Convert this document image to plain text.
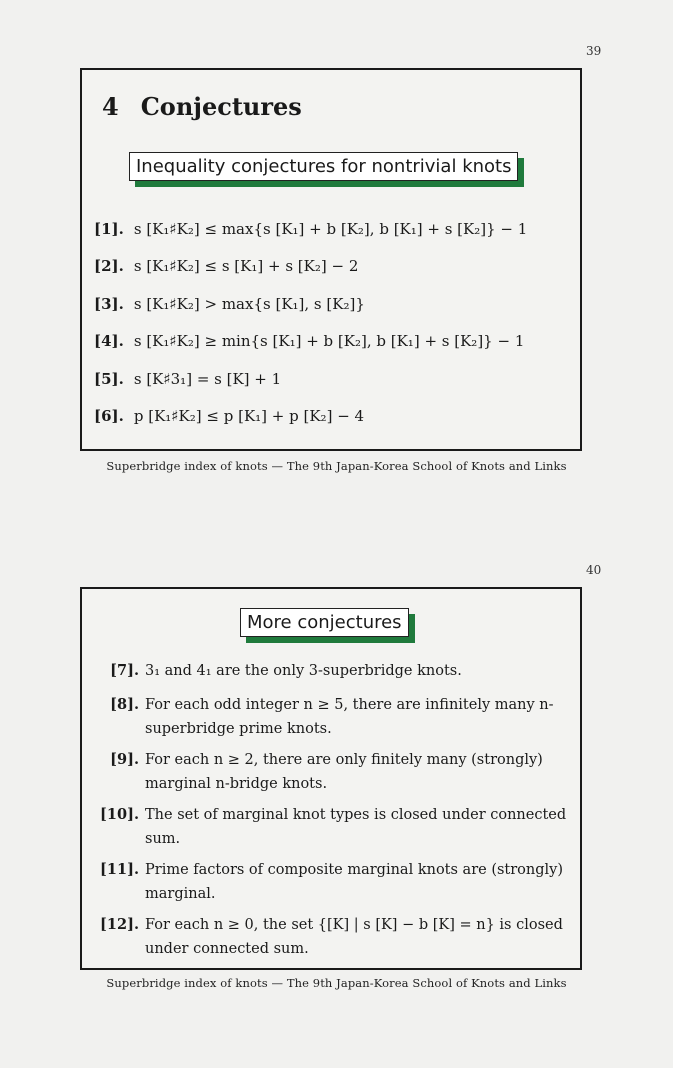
39
4 Conjectures
Inequality conjectures for nontrivial knots
[1]. s [K₁♯K₂] ≤ max{s [K₁] + b [K₂], b [K₁] + s [K₂]} − 1
[2]. s [K₁♯K₂] ≤ s [K₁] + s [K₂] − 2
[3]. s [K₁♯K₂] > max{s [K₁], s [K₂]}
[4]. s [K₁♯K₂] ≥ min{s [K₁] + b [K₂], b [K₁] + s [K₂]} − 1
[5]. s [K♯3₁] = s [K] + 1
[6]. p [K₁♯K₂] ≤ p [K₁] + p [K₂] − 4
Superbridge index of knots — The 9th Japan-Korea School of Knots and Links
40
More conjectures
[7]. 3₁ and 4₁ are the only 3-superbridge knots.
[8]. For each odd integer n ≥ 5, there are infinitely many n-superbridge prime knots.
[9]. For each n ≥ 2, there are only finitely many (strongly) marginal n-bridge knots.
[10]. The set of marginal knot types is closed under connected sum.
[11]. Prime factors of composite marginal knots are (strongly) marginal.
[12]. For each n ≥ 0, the set {[K] | s [K] − b [K] = n} is closed under connected sum.
Superbridge index of knots — The 9th Japan-Korea School of Knots and Links
